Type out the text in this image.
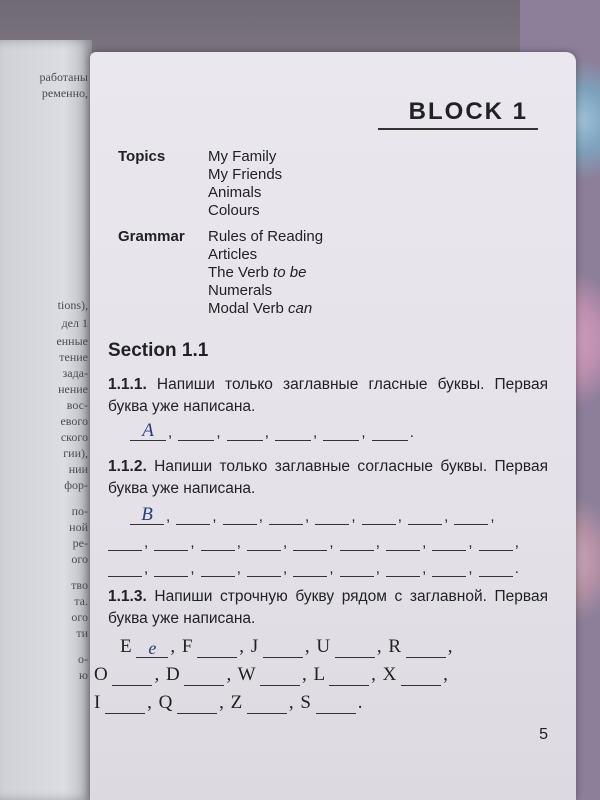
работаны
ременно,
tions),
дел 1
енные
тение
зада-
нение
вос-
евого
ского
гии),
нии
фор-
по-
ной
ре-
ого
тво
та.
ого
ти
о-
ю
BLOCK 1
Topics	My Family
My Friends
Animals
Colours
Grammar Rules of Reading
Articles
The Verb to be
Numerals
Modal Verb can
Section 1.1
1.1.1. Напиши только заглавные гласные буквы. Первая буква уже написана.
A ,	,	,	,	,	.
1.1.2. Напиши только заглавные согласные буквы. Первая буква уже написана.
B ,	,	,	,	,	,	,	,
,	,	,	,	,	,	,	,	,
,	,	,	,	,	,	,	,	.
1.1.3. Напиши строчную букву рядом с заглавной. Первая буква уже написана.
E e , F , J , U , R ,
O , D , W , L , X ,
I , Q , Z , S .
5
